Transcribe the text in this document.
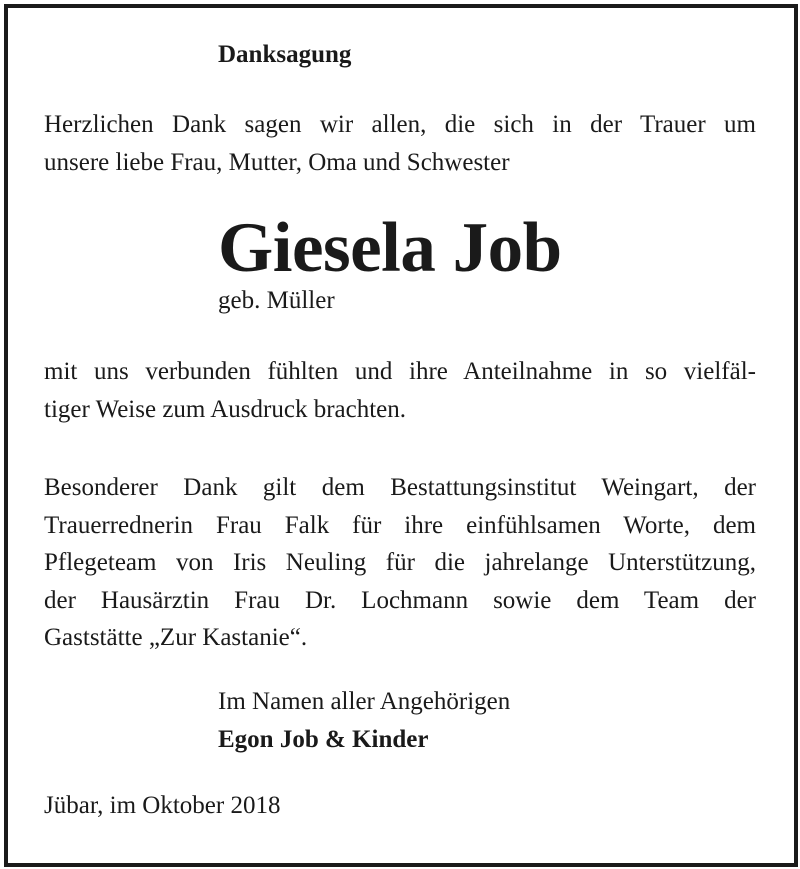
Danksagung
Herzlichen Dank sagen wir allen, die sich in der Trauer um
unsere liebe Frau, Mutter, Oma und Schwester
Giesela Job
geb. Müller
mit uns verbunden fühlten und ihre Anteilnahme in so vielfäl-
tiger Weise zum Ausdruck brachten.
Besonderer Dank gilt dem Bestattungsinstitut Weingart, der
Trauerrednerin Frau Falk für ihre einfühlsamen Worte, dem
Pflegeteam von Iris Neuling für die jahrelange Unterstützung,
der Hausärztin Frau Dr. Lochmann sowie dem Team der
Gaststätte „Zur Kastanie“.
Im Namen aller Angehörigen
Egon Job & Kinder
Jübar, im Oktober 2018
